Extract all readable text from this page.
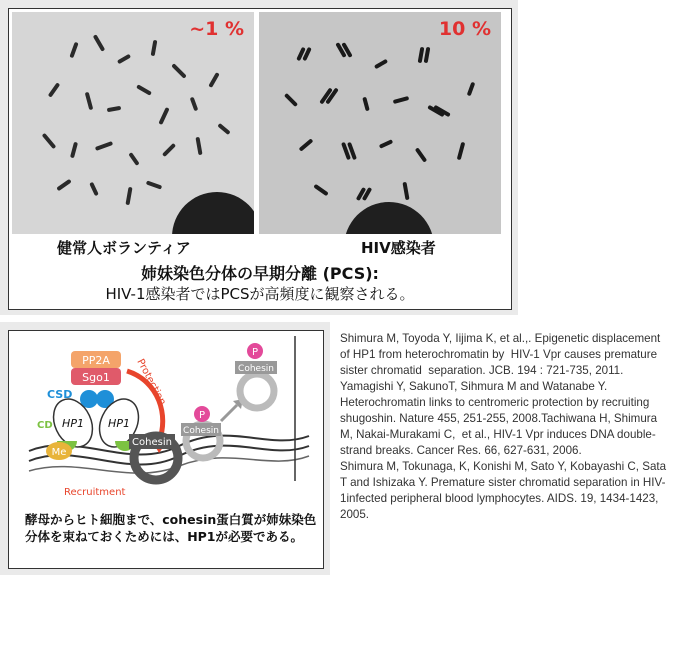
~1 %	10 %
健常人ボランティア	HIV感染者
姉妹染色分体の早期分離 (PCS):
HIV-1感染者ではPCSが高頻度に観察される。
PP2A
Sgo1
CSD
HP1 HP1
CD
Me
Protection
Cohesin
Cohesin
P
Cohesin
P
Recruitment
酵母からヒト細胞まで、cohesin蛋白質が姉妹染色分体を束ねておくためには、HP1が必要である。

Shimura M, Toyoda Y, Iijima K, et al.,. Epigenetic displacement of HP1 from heterochromatin by  HIV-1 Vpr causes premature sister chromatid  separation. JCB. 194 : 721-735, 2011.

Yamagishi Y, SakunoT, Sihmura M and Watanabe Y. Heterochromatin links to centromeric protection by recruiting shugoshin. Nature 455, 251-255, 2008.Tachiwana H, Shimura M, Nakai-Murakami C,  et al., HIV-1 Vpr induces DNA double-strand breaks. Cancer Res. 66, 627-631, 2006.

Shimura M, Tokunaga, K, Konishi M, Sato Y, Kobayashi C, Sata T and Ishizaka Y. Premature sister chromatid separation in HIV-1infected peripheral blood lymphocytes. AIDS. 19, 1434-1423, 2005.
